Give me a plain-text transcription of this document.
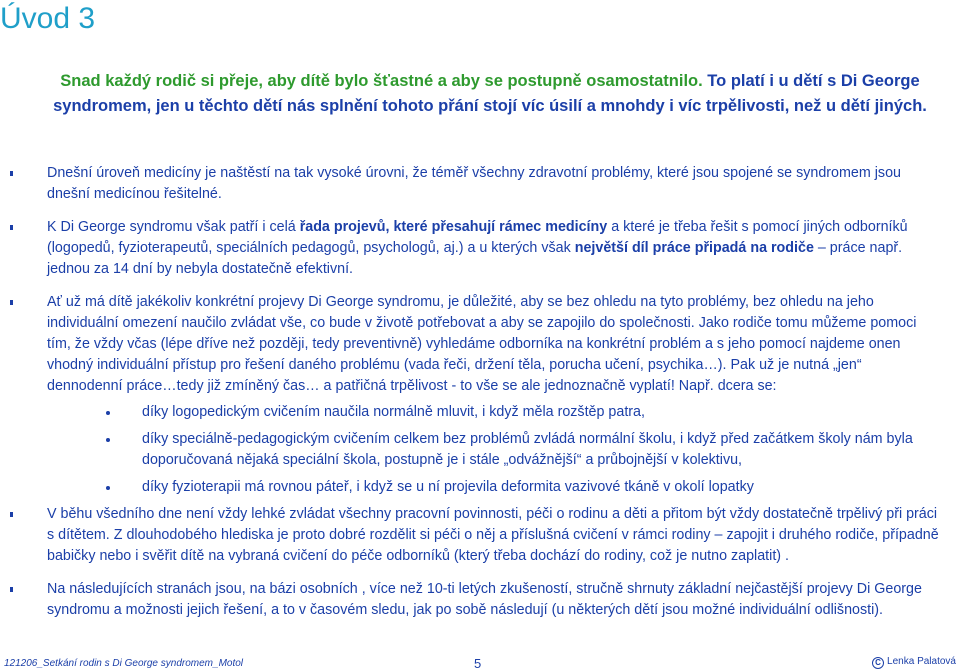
Úvod 3

Snad každý rodič si přeje, aby dítě bylo šťastné a aby se postupně osamostatnilo. To platí i u dětí s Di George syndromem, jen u těchto dětí nás splnění tohoto přání stojí víc úsilí a mnohdy i víc trpělivosti, než u dětí jiných.

Dnešní úroveň medicíny je naštěstí na tak vysoké úrovni, že téměř všechny zdravotní problémy, které jsou spojené se syndromem jsou dnešní medicínou řešitelné.
K Di George syndromu však patří i celá řada projevů, které přesahují rámec medicíny a které je třeba řešit s pomocí jiných odborníků (logopedů, fyzioterapeutů, speciálních pedagogů, psychologů, aj.) a u kterých však největší díl práce připadá na rodiče – práce např. jednou za 14 dní by nebyla dostatečně efektivní.
Ať už má dítě jakékoliv konkrétní projevy Di George syndromu, je důležité, aby se bez ohledu na tyto problémy, bez ohledu na jeho individuální omezení naučilo zvládat vše, co bude v životě potřebovat a aby se zapojilo do společnosti. Jako rodiče tomu můžeme pomoci tím, že vždy včas (lépe dříve než později, tedy preventivně) vyhledáme odborníka na konkrétní problém a s jeho pomocí najdeme onen vhodný individuální přístup pro řešení daného problému (vada řeči, držení těla, porucha učení, psychika…). Pak už je nutná „jen“ dennodenní práce…tedy již zmíněný čas… a patřičná trpělivost - to vše se ale jednoznačně vyplatí! Např. dcera se:
díky logopedickým cvičením naučila normálně mluvit, i když měla rozštěp patra,
díky speciálně-pedagogickým cvičením celkem bez problémů zvládá normální školu, i když před začátkem školy nám byla doporučovaná nějaká speciální škola, postupně je i stále „odvážnější“ a průbojnější v kolektivu,
díky fyzioterapii má rovnou páteř, i když se u ní projevila deformita vazivové tkáně v okolí lopatky
V běhu všedního dne není vždy lehké zvládat všechny pracovní povinnosti, péči o rodinu a děti a přitom být vždy dostatečně trpělivý při práci s dítětem. Z dlouhodobého hlediska je proto dobré rozdělit si péči o něj a příslušná cvičení v rámci rodiny – zapojit i druhého rodiče, případně babičky nebo i svěřit dítě na vybraná cvičení do péče odborníků (který třeba dochází do rodiny, což je nutno zaplatit) .
Na následujících stranách jsou, na bázi osobních , více než 10-ti letých zkušeností, stručně shrnuty základní nejčastější projevy Di George syndromu a možnosti jejich řešení, a to v časovém sledu, jak po sobě následují (u některých dětí jsou možné individuální odlišnosti).
121206_Setkání rodin s Di George syndromem_Motol	5	C Lenka Palatová
